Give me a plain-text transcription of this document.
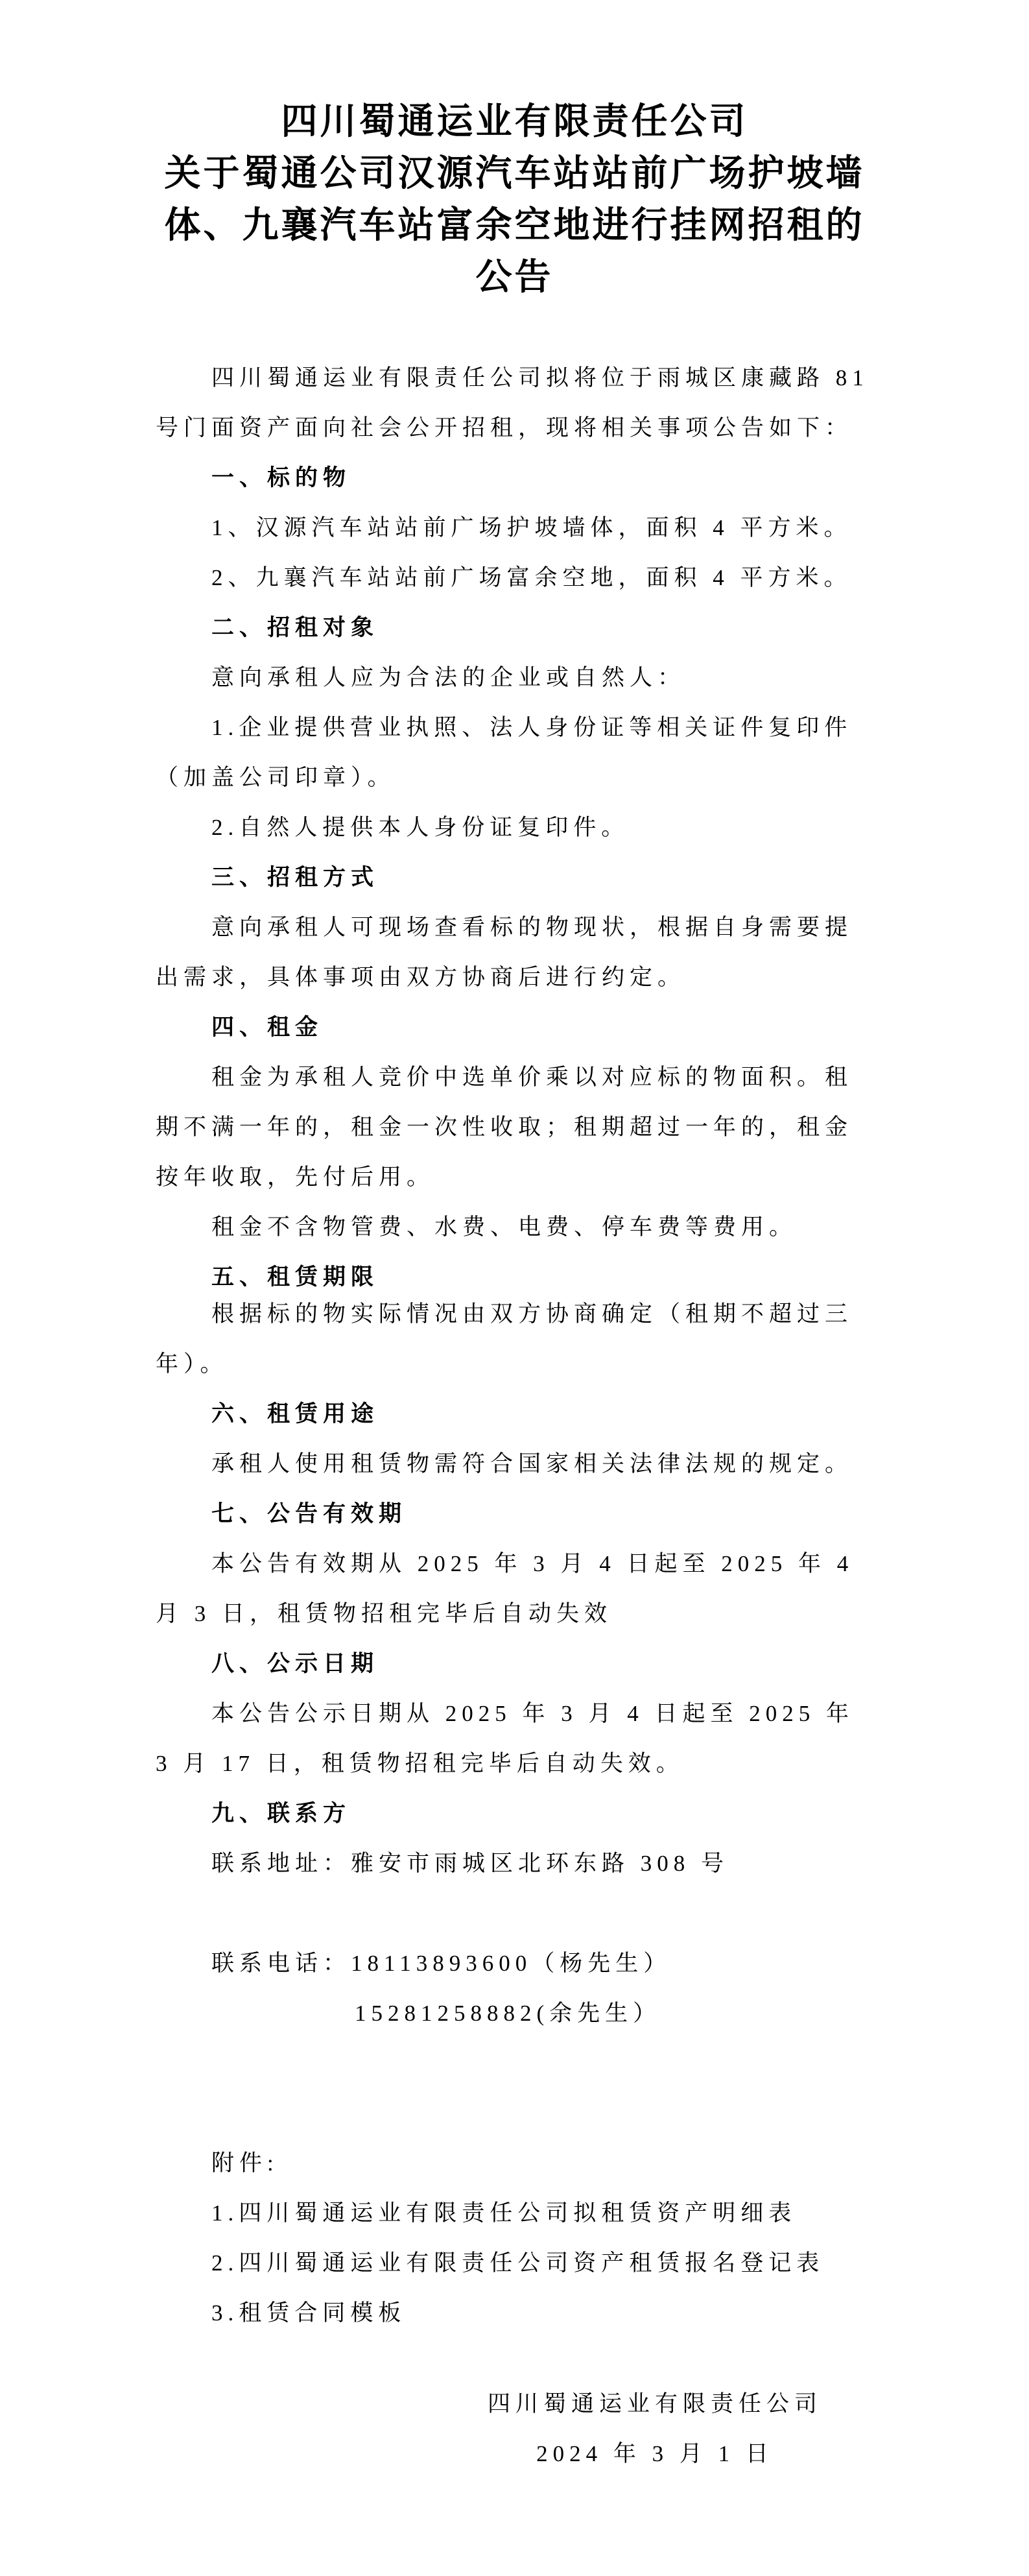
四川蜀通运业有限责任公司
关于蜀通公司汉源汽车站站前广场护坡墙
体、九襄汽车站富余空地进行挂网招租的
公告

四川蜀通运业有限责任公司拟将位于雨城区康藏路 81 号门面资产面向社会公开招租，现将相关事项公告如下：

一、标的物

1、汉源汽车站站前广场护坡墙体，面积 4 平方米。

2、九襄汽车站站前广场富余空地，面积 4 平方米。

二、招租对象

意向承租人应为合法的企业或自然人：

1.企业提供营业执照、法人身份证等相关证件复印件（加盖公司印章）。

2.自然人提供本人身份证复印件。

三、招租方式

意向承租人可现场查看标的物现状，根据自身需要提出需求，具体事项由双方协商后进行约定。

四、租金

租金为承租人竞价中选单价乘以对应标的物面积。租期不满一年的，租金一次性收取；租期超过一年的，租金按年收取，先付后用。

租金不含物管费、水费、电费、停车费等费用。

五、租赁期限

根据标的物实际情况由双方协商确定（租期不超过三年）。

六、租赁用途

承租人使用租赁物需符合国家相关法律法规的规定。

七、公告有效期

本公告有效期从 2025 年 3 月 4 日起至 2025 年 4 月 3 日，租赁物招租完毕后自动失效

八、公示日期

本公告公示日期从 2025 年 3 月 4 日起至 2025 年 3 月 17 日，租赁物招租完毕后自动失效。

九、联系方

联系地址：雅安市雨城区北环东路 308 号

联系电话：18113893600（杨先生）

15281258882(余先生）

附件:

1.四川蜀通运业有限责任公司拟租赁资产明细表

2.四川蜀通运业有限责任公司资产租赁报名登记表

3.租赁合同模板

四川蜀通运业有限责任公司

2024 年 3 月 1 日
